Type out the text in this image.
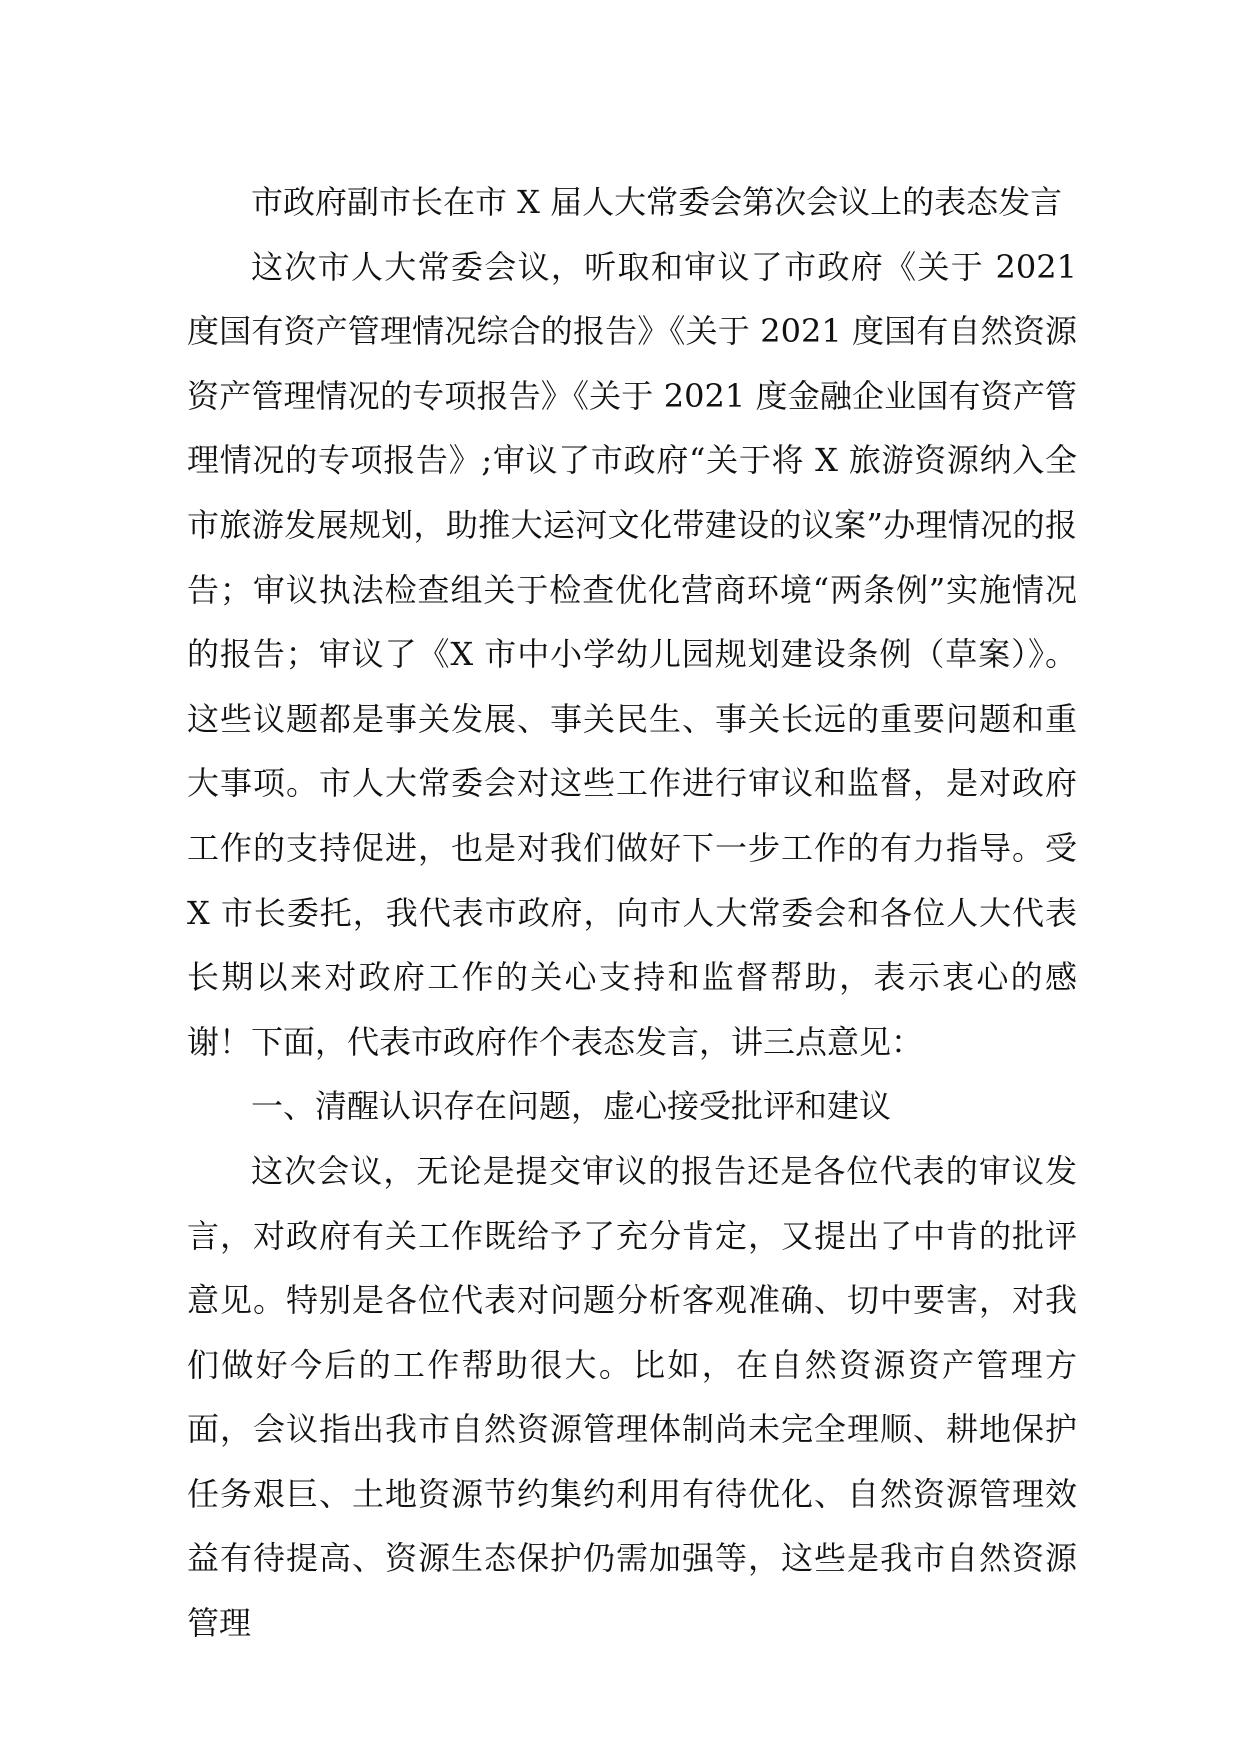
市政府副市长在市 X 届人大常委会第次会议上的表态发言

这次市人大常委会议，听取和审议了市政府《关于 2021 度国有资产管理情况综合的报告》《关于 2021 度国有自然资源资产管理情况的专项报告》《关于 2021 度金融企业国有资产管理情况的专项报告》;审议了市政府“关于将 X 旅游资源纳入全市旅游发展规划，助推大运河文化带建设的议案”办理情况的报告；审议执法检查组关于检查优化营商环境“两条例”实施情况的报告；审议了《X 市中小学幼儿园规划建设条例（草案）》。这些议题都是事关发展、事关民生、事关长远的重要问题和重大事项。市人大常委会对这些工作进行审议和监督，是对政府工作的支持促进，也是对我们做好下一步工作的有力指导。受 X 市长委托，我代表市政府，向市人大常委会和各位人大代表长期以来对政府工作的关心支持和监督帮助，表示衷心的感谢！下面，代表市政府作个表态发言，讲三点意见：

一、清醒认识存在问题，虚心接受批评和建议

这次会议，无论是提交审议的报告还是各位代表的审议发言，对政府有关工作既给予了充分肯定，又提出了中肯的批评意见。特别是各位代表对问题分析客观准确、切中要害，对我们做好今后的工作帮助很大。比如，在自然资源资产管理方面，会议指出我市自然资源管理体制尚未完全理顺、耕地保护任务艰巨、土地资源节约集约利用有待优化、自然资源管理效益有待提高、资源生态保护仍需加强等，这些是我市自然资源管理
